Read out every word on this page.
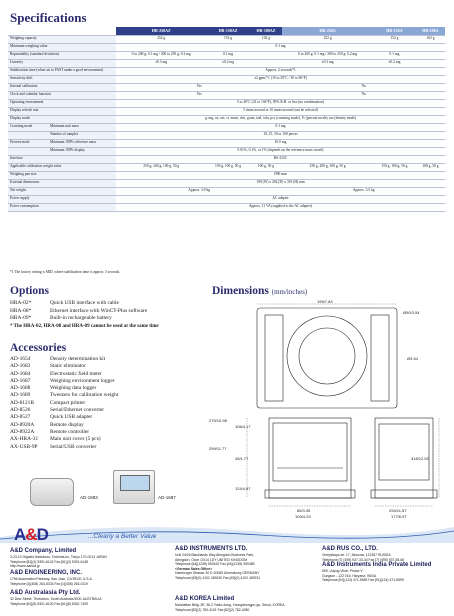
Specifications
Models	HR-250AZ	HR-150AZ	HR-100AZ	HR-250A	HR-150A	HR-100A
Weighing capacity	252 g	152 g	102 g	252 g	152 g	102 g
Minimum weighing value	0.1 mg					
Repeatability (standard deviation)	0 to 200 g: 0.1 mg / 200 to 250 g: 0.2 mg	0.1 mg		0 to 200 g: 0.1 mg / 200 to 250 g: 0.2 mg	0.1 mg	
Linearity	±0.3 mg	±0.2 mg		±0.3 mg	±0.2 mg	
Stabilization time (when set to FAST under a good environment)	Approx. 2 seconds*1					
Sensitivity drift	±2 ppm/°C (10 to 30°C / 50 to 86°F)					
Internal calibration	Yes			No		
Clock and calendar function	Yes			No		
Operating environment	5 to 40°C (41 to 104°F), 85% R.H. or less (no condensation)					
Display refresh rate	5 times/second or 10 times/second (can be selected)					
Display mode	g, mg, oz, ozt, ct, mom, dwt, grain, tael, tola, pcs (counting mode), % (percent mode), ms (density mode)					
Counting mode Minimum unit mass	0.1 mg					
Number of samples	10, 25, 50 or 100 pieces					
Percent mode Minimum 100% reference mass	10.0 mg					
Minimum 100% display	0.01%, 0.1%, or 1% (depends on the reference mass stored)					
Interface	RS-232C					
Applicable calibration weight value	250 g, 200 g, 100 g, 50 g	150 g, 100 g, 50 g	100 g, 50 g	250 g, 200 g, 100 g, 50 g	150 g, 100 g, 50 g	100 g, 50 g
Weighing pan size	Ø90 mm					
External dimensions	199 (W) x 294 (D) x 318 (H) mm					
Net weight	Approx. 3.9 kg			Approx. 3.5 kg		
Power supply	AC adapter					
Power consumption	Approx. 11 VA (supplied to the AC adapter)					
*1 The factory setting is MID, where stabilization time is approx. 3 seconds.
Options
HRA-02*	Quick USB interface with cable
HRA-08*	Ethernet interface with WinCT-Plus software
HRA-09*	Built-in rechargeable battery
* The HRA-02, HRA-08 and HRA-09 cannot be used at the same time
Dimensions (mm/inches)
199/7.83
Ø90/3.54
Ø3.54
106/4.17
45/1.77
124/4.87
279/10.98
299/11.77
318/12.52
85/3.35
109/4.29
294/11.57
177/6.97
Accessories
AD-1654	Density determination kit
AD-1683	Static eliminator
AD-1684	Electrostatic field meter
AD-1687	Weighing environment logger
AD-1688	Weighing data logger
AD-1689	Tweezers for calibration weight
AD-8121B	Compact printer
AD-8526	Serial/Ethernet converter
AD-8527	Quick USB adapter
AD-8920A	Remote display
AD-8922A	Remote controller
AX-HRA-31	Main unit cover (5 pcs)
AX-USB-9P	Serial/USB converter
AD-1683	AD-1687
A&D	...Clearly a Better Value
A&D Company, Limited
3-23-14 Higashi-Ikebukuro, Toshima-ku, Tokyo 170-0013 JAPAN
Telephone:[81](3) 5391-6132 Fax:[81](3) 5391-6148
http://www.aandd.jp
A&D ENGINEERING, INC.
1756 Automation Parkway, San Jose, CA 95131 U.S.A.
Telephone:[1](408) 263-5333 Fax:[1](408) 263-0119
A&D Australasia Pty Ltd.
32 Dew Street, Thebarton, South Australia 5031 AUSTRALIA
Telephone:[61](8) 8301-8100 Fax:[61](8) 8352-7409
A&D INSTRUMENTS LTD.
Unit 24/26 Blacklands Way Abingdon Business Park,
Abingdon, Oxon OX14 1DY UNITED KINGDOM
Telephone:[44](1235) 550420 Fax:[44](1235) 550485
<German Sales Office>
Hamburger Strasse 30 D-20085 Ahrensburg GERMANY
Telephone:[49](0) 4102 459230 Fax:[49](0) 4102 459231
A&D KOREA Limited
Manhattan Bldg. 8F, 36-2 Yoido-dong, Youngdeungpo-gu, Seoul, KOREA
Telephone:[82](2) 780-4101 Fax:[82](2) 782-4280
A&D RUS CO., LTD.
Vereyskaya str. 17, Moscow, 121357 RUSSIA
Telephone:[7] (495) 937-33-44 Fax:[7] (495) 937-55-66
A&D Instruments India Private Limited
509, Udyog Vihar, Phase V
Gurgaon - 122 016, Haryana, INDIA
Telephone:[91](124) 471-5555 Fax:[91](124) 471-5599
